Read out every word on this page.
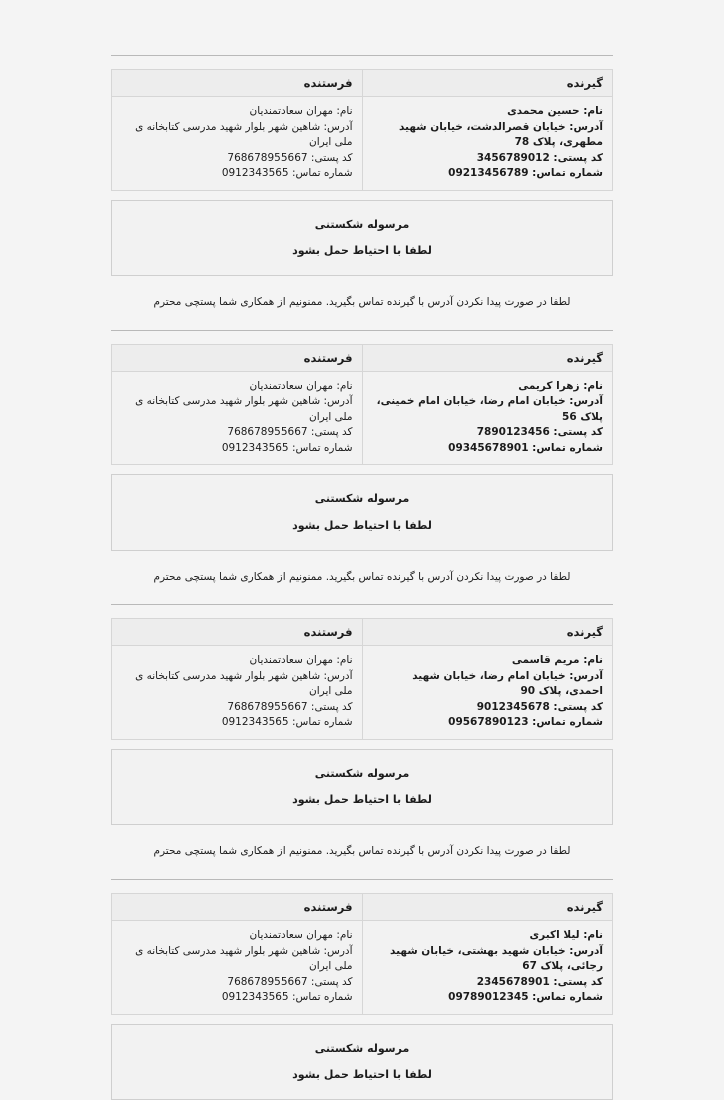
گیرنده	فرستنده

نام: حسین محمدی
آدرس: خیابان قصرالدشت، خیابان شهید مطهری، پلاک 78
کد پستی: 3456789012
شماره تماس: 09213456789	نام: مهران سعادتمندیان
آدرس: شاهین شهر بلوار شهید مدرسی کتابخانه ی ملی ایران
کد پستی: 768678955667
شماره تماس: 0912343565
مرسوله شکستنی
لطفا با احتیاط حمل بشود
لطفا در صورت پیدا نکردن آدرس با گیرنده تماس بگیرید. ممنونیم از همکاری شما پستچی محترم
گیرنده	فرستنده

نام: زهرا کریمی
آدرس: خیابان امام رضا، خیابان امام خمینی، پلاک 56
کد پستی: 7890123456
شماره تماس: 09345678901	نام: مهران سعادتمندیان
آدرس: شاهین شهر بلوار شهید مدرسی کتابخانه ی ملی ایران
کد پستی: 768678955667
شماره تماس: 0912343565
مرسوله شکستنی
لطفا با احتیاط حمل بشود
لطفا در صورت پیدا نکردن آدرس با گیرنده تماس بگیرید. ممنونیم از همکاری شما پستچی محترم
گیرنده	فرستنده

نام: مریم قاسمی
آدرس: خیابان امام رضا، خیابان شهید احمدی، پلاک 90
کد پستی: 9012345678
شماره تماس: 09567890123	نام: مهران سعادتمندیان
آدرس: شاهین شهر بلوار شهید مدرسی کتابخانه ی ملی ایران
کد پستی: 768678955667
شماره تماس: 0912343565
مرسوله شکستنی
لطفا با احتیاط حمل بشود
لطفا در صورت پیدا نکردن آدرس با گیرنده تماس بگیرید. ممنونیم از همکاری شما پستچی محترم
گیرنده	فرستنده

نام: لیلا اکبری
آدرس: خیابان شهید بهشتی، خیابان شهید رجائی، پلاک 67
کد پستی: 2345678901
شماره تماس: 09789012345	نام: مهران سعادتمندیان
آدرس: شاهین شهر بلوار شهید مدرسی کتابخانه ی ملی ایران
کد پستی: 768678955667
شماره تماس: 0912343565
مرسوله شکستنی
لطفا با احتیاط حمل بشود
